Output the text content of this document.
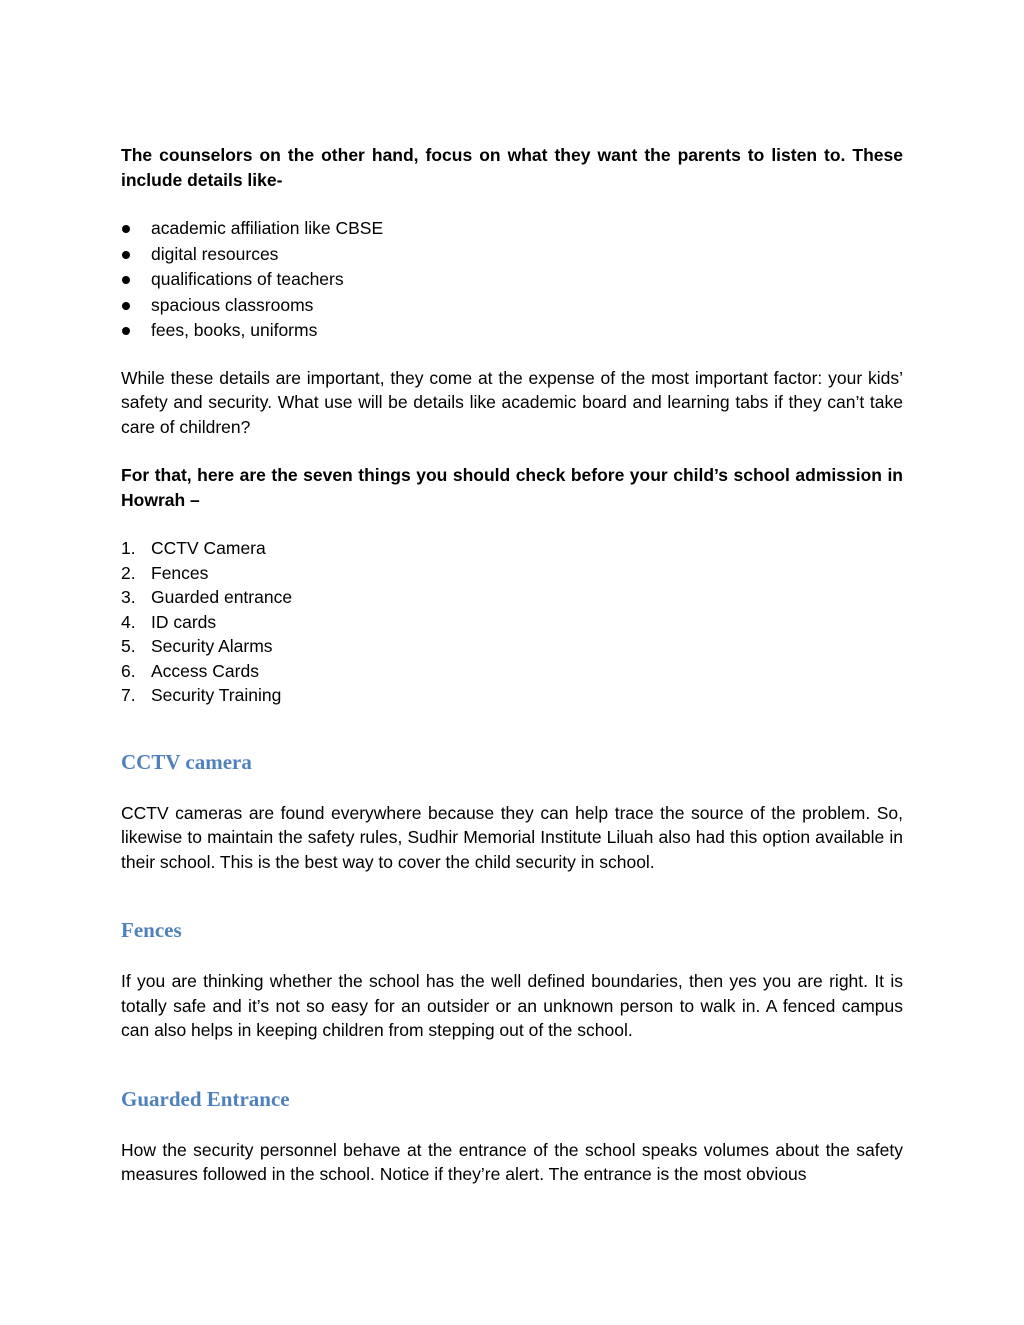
The counselors on the other hand, focus on what they want the parents to listen to. These include details like-

academic affiliation like CBSE
digital resources
qualifications of teachers
spacious classrooms
fees, books, uniforms

While these details are important, they come at the expense of the most important factor: your kids’ safety and security. What use will be details like academic board and learning tabs if they can’t take care of children?

For that, here are the seven things you should check before your child’s school admission in Howrah –

1. CCTV Camera
2. Fences
3. Guarded entrance
4. ID cards
5. Security Alarms
6. Access Cards
7. Security Training
CCTV camera

CCTV cameras are found everywhere because they can help trace the source of the problem. So, likewise to maintain the safety rules, Sudhir Memorial Institute Liluah also had this option available in their school. This is the best way to cover the child security in school.

Fences

If you are thinking whether the school has the well defined boundaries, then yes you are right. It is totally safe and it’s not so easy for an outsider or an unknown person to walk in. A fenced campus can also helps in keeping children from stepping out of the school.

Guarded Entrance

How the security personnel behave at the entrance of the school speaks volumes about the safety measures followed in the school. Notice if they’re alert. The entrance is the most obvious
